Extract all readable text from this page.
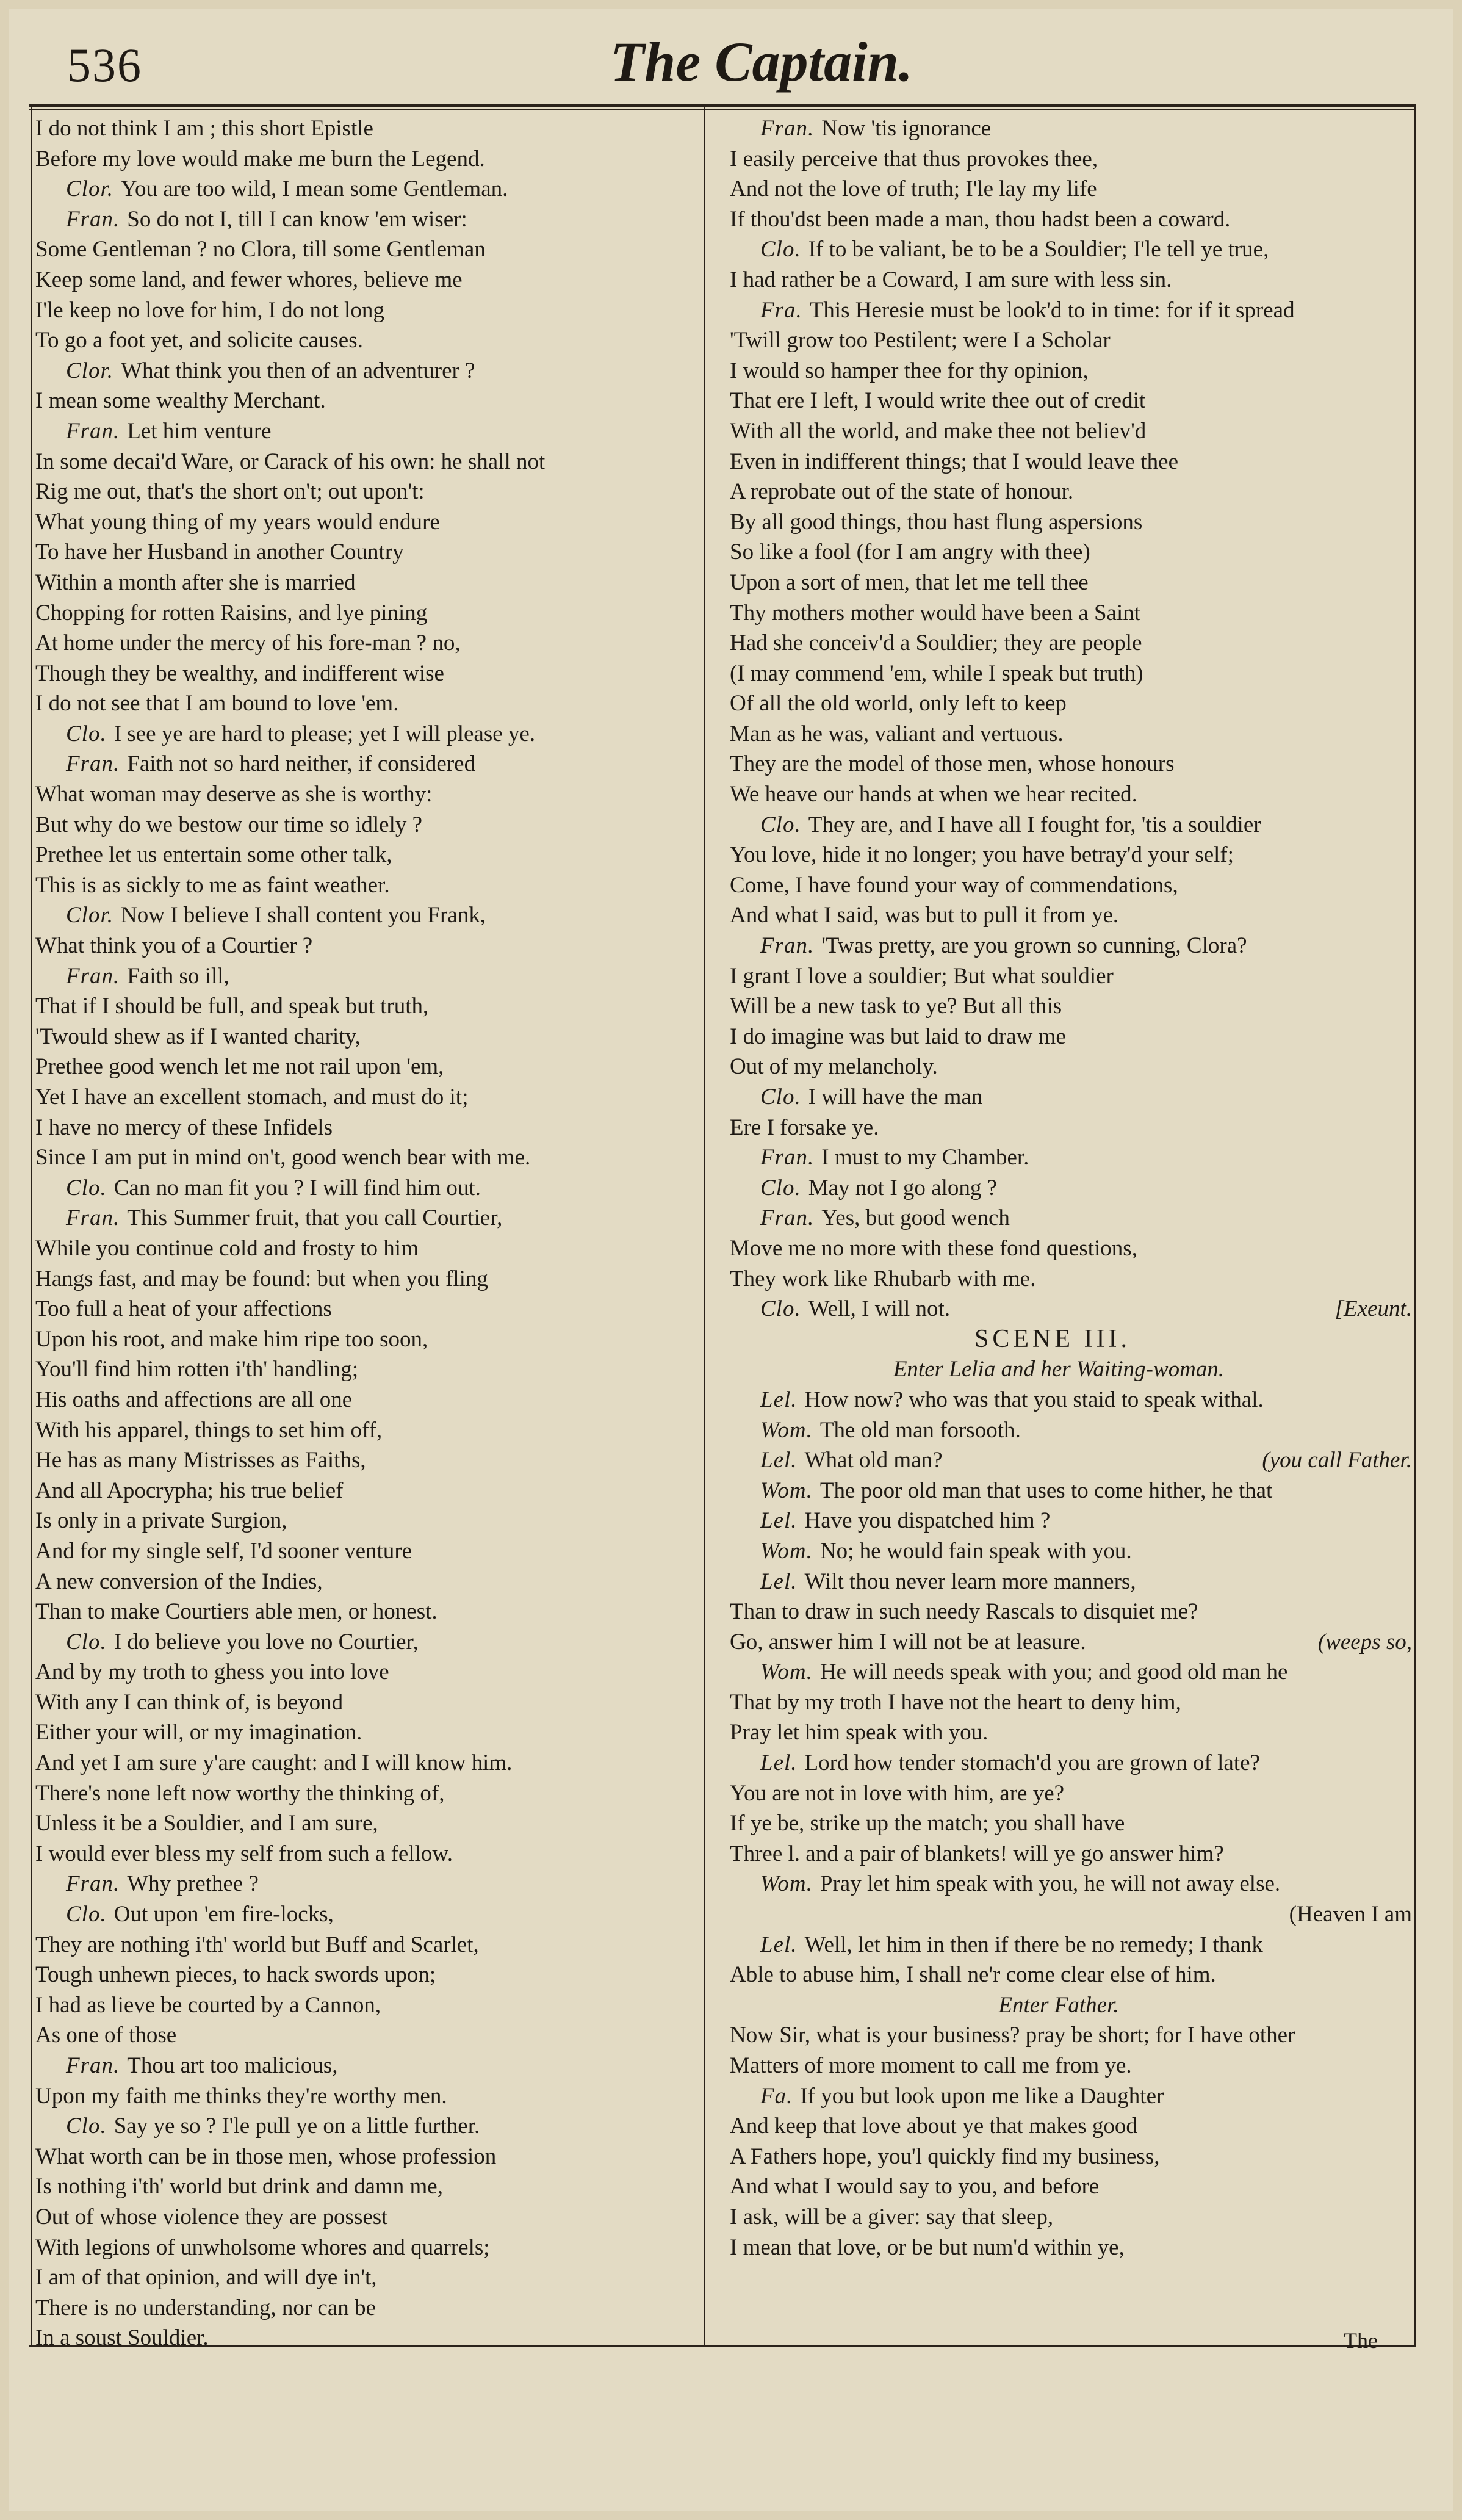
536	The Captain.
I do not think I am ; this short Epistle
Before my love would make me burn the Legend.
Clor. You are too wild, I mean some Gentleman.
Fran. So do not I, till I can know 'em wiser:
Some Gentleman ? no Clora, till some Gentleman
Keep some land, and fewer whores, believe me
I'le keep no love for him, I do not long
To go a foot yet, and solicite causes.
Clor. What think you then of an adventurer ?
I mean some wealthy Merchant.
Fran. Let him venture
In some decai'd Ware, or Carack of his own: he shall not
Rig me out, that's the short on't; out upon't:
What young thing of my years would endure
To have her Husband in another Country
Within a month after she is married
Chopping for rotten Raisins, and lye pining
At home under the mercy of his fore-man ? no,
Though they be wealthy, and indifferent wise
I do not see that I am bound to love 'em.
Clo. I see ye are hard to please; yet I will please ye.
Fran. Faith not so hard neither, if considered
What woman may deserve as she is worthy:
But why do we bestow our time so idlely ?
Prethee let us entertain some other talk,
This is as sickly to me as faint weather.
Clor. Now I believe I shall content you Frank,
What think you of a Courtier ?
Fran. Faith so ill,
That if I should be full, and speak but truth,
'Twould shew as if I wanted charity,
Prethee good wench let me not rail upon 'em,
Yet I have an excellent stomach, and must do it;
I have no mercy of these Infidels
Since I am put in mind on't, good wench bear with me.
Clo. Can no man fit you ? I will find him out.
Fran. This Summer fruit, that you call Courtier,
While you continue cold and frosty to him
Hangs fast, and may be found: but when you fling
Too full a heat of your affections
Upon his root, and make him ripe too soon,
You'll find him rotten i'th' handling;
His oaths and affections are all one
With his apparel, things to set him off,
He has as many Mistrisses as Faiths,
And all Apocrypha; his true belief
Is only in a private Surgion,
And for my single self, I'd sooner venture
A new conversion of the Indies,
Than to make Courtiers able men, or honest.
Clo. I do believe you love no Courtier,
And by my troth to ghess you into love
With any I can think of, is beyond
Either your will, or my imagination.
And yet I am sure y'are caught: and I will know him.
There's none left now worthy the thinking of,
Unless it be a Souldier, and I am sure,
I would ever bless my self from such a fellow.
Fran. Why prethee ?
Clo. Out upon 'em fire-locks,
They are nothing i'th' world but Buff and Scarlet,
Tough unhewn pieces, to hack swords upon;
I had as lieve be courted by a Cannon,
As one of those
Fran. Thou art too malicious,
Upon my faith me thinks they're worthy men.
Clo. Say ye so ? I'le pull ye on a little further.
What worth can be in those men, whose profession
Is nothing i'th' world but drink and damn me,
Out of whose violence they are possest
With legions of unwholsome whores and quarrels;
I am of that opinion, and will dye in't,
There is no understanding, nor can be
In a soust Souldier.
Fran. Now 'tis ignorance
I easily perceive that thus provokes thee,
And not the love of truth; I'le lay my life
If thou'dst been made a man, thou hadst been a coward.
Clo. If to be valiant, be to be a Souldier; I'le tell ye true,
I had rather be a Coward, I am sure with less sin.
Fra. This Heresie must be look'd to in time: for if it spread
'Twill grow too Pestilent; were I a Scholar
I would so hamper thee for thy opinion,
That ere I left, I would write thee out of credit
With all the world, and make thee not believ'd
Even in indifferent things; that I would leave thee
A reprobate out of the state of honour.
By all good things, thou hast flung aspersions
So like a fool (for I am angry with thee)
Upon a sort of men, that let me tell thee
Thy mothers mother would have been a Saint
Had she conceiv'd a Souldier; they are people
(I may commend 'em, while I speak but truth)
Of all the old world, only left to keep
Man as he was, valiant and vertuous.
They are the model of those men, whose honours
We heave our hands at when we hear recited.
Clo. They are, and I have all I fought for, 'tis a souldier
You love, hide it no longer; you have betray'd your self;
Come, I have found your way of commendations,
And what I said, was but to pull it from ye.
Fran. 'Twas pretty, are you grown so cunning, Clora?
I grant I love a souldier; But what souldier
Will be a new task to ye? But all this
I do imagine was but laid to draw me
Out of my melancholy.
Clo. I will have the man
Ere I forsake ye.
Fran. I must to my Chamber.
Clo. May not I go along ?
Fran. Yes, but good wench
Move me no more with these fond questions,
They work like Rhubarb with me.
Clo. Well, I will not.	[Exeunt.
SCENE III.
Enter Lelia and her Waiting-woman.
Lel. How now? who was that you staid to speak withal.
Wom. The old man forsooth.
Lel. What old man?	(you call Father.
Wom. The poor old man that uses to come hither, he that
Lel. Have you dispatched him ?
Wom. No; he would fain speak with you.
Lel. Wilt thou never learn more manners,
Than to draw in such needy Rascals to disquiet me?
Go, answer him I will not be at leasure.	(weeps so,
Wom. He will needs speak with you; and good old man he
That by my troth I have not the heart to deny him,
Pray let him speak with you.
Lel. Lord how tender stomach'd you are grown of late?
You are not in love with him, are ye?
If ye be, strike up the match; you shall have
Three l. and a pair of blankets! will ye go answer him?
Wom. Pray let him speak with you, he will not away else.
(Heaven I am
Lel. Well, let him in then if there be no remedy; I thank
Able to abuse him, I shall ne'r come clear else of him.
Enter Father.
Now Sir, what is your business? pray be short; for I have other
Matters of more moment to call me from ye.
Fa. If you but look upon me like a Daughter
And keep that love about ye that makes good
A Fathers hope, you'l quickly find my business,
And what I would say to you, and before
I ask, will be a giver: say that sleep,
I mean that love, or be but num'd within ye,
The
